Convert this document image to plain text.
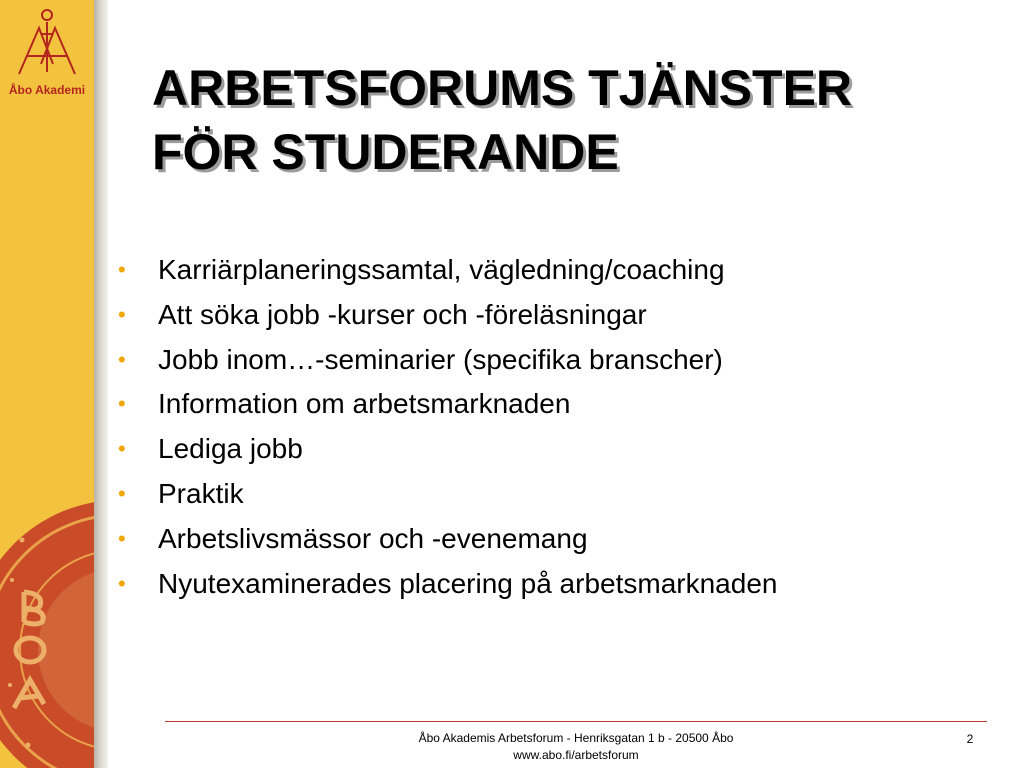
Åbo Akademi ARBETSFORUMS TJÄNSTER
FÖR STUDERANDE
•	Karriärplaneringssamtal, vägledning/coaching
•	Att söka jobb -kurser och -föreläsningar
•	Jobb inom…-seminarier (specifika branscher)
•	Information om arbetsmarknaden
•	Lediga jobb
•	Praktik
•	Arbetslivsmässor och -evenemang
•	Nyutexaminerades placering på arbetsmarknaden
Åbo Akademis Arbetsforum - Henriksgatan 1 b - 20500 Åbo
www.abo.fi/arbetsforum
2
